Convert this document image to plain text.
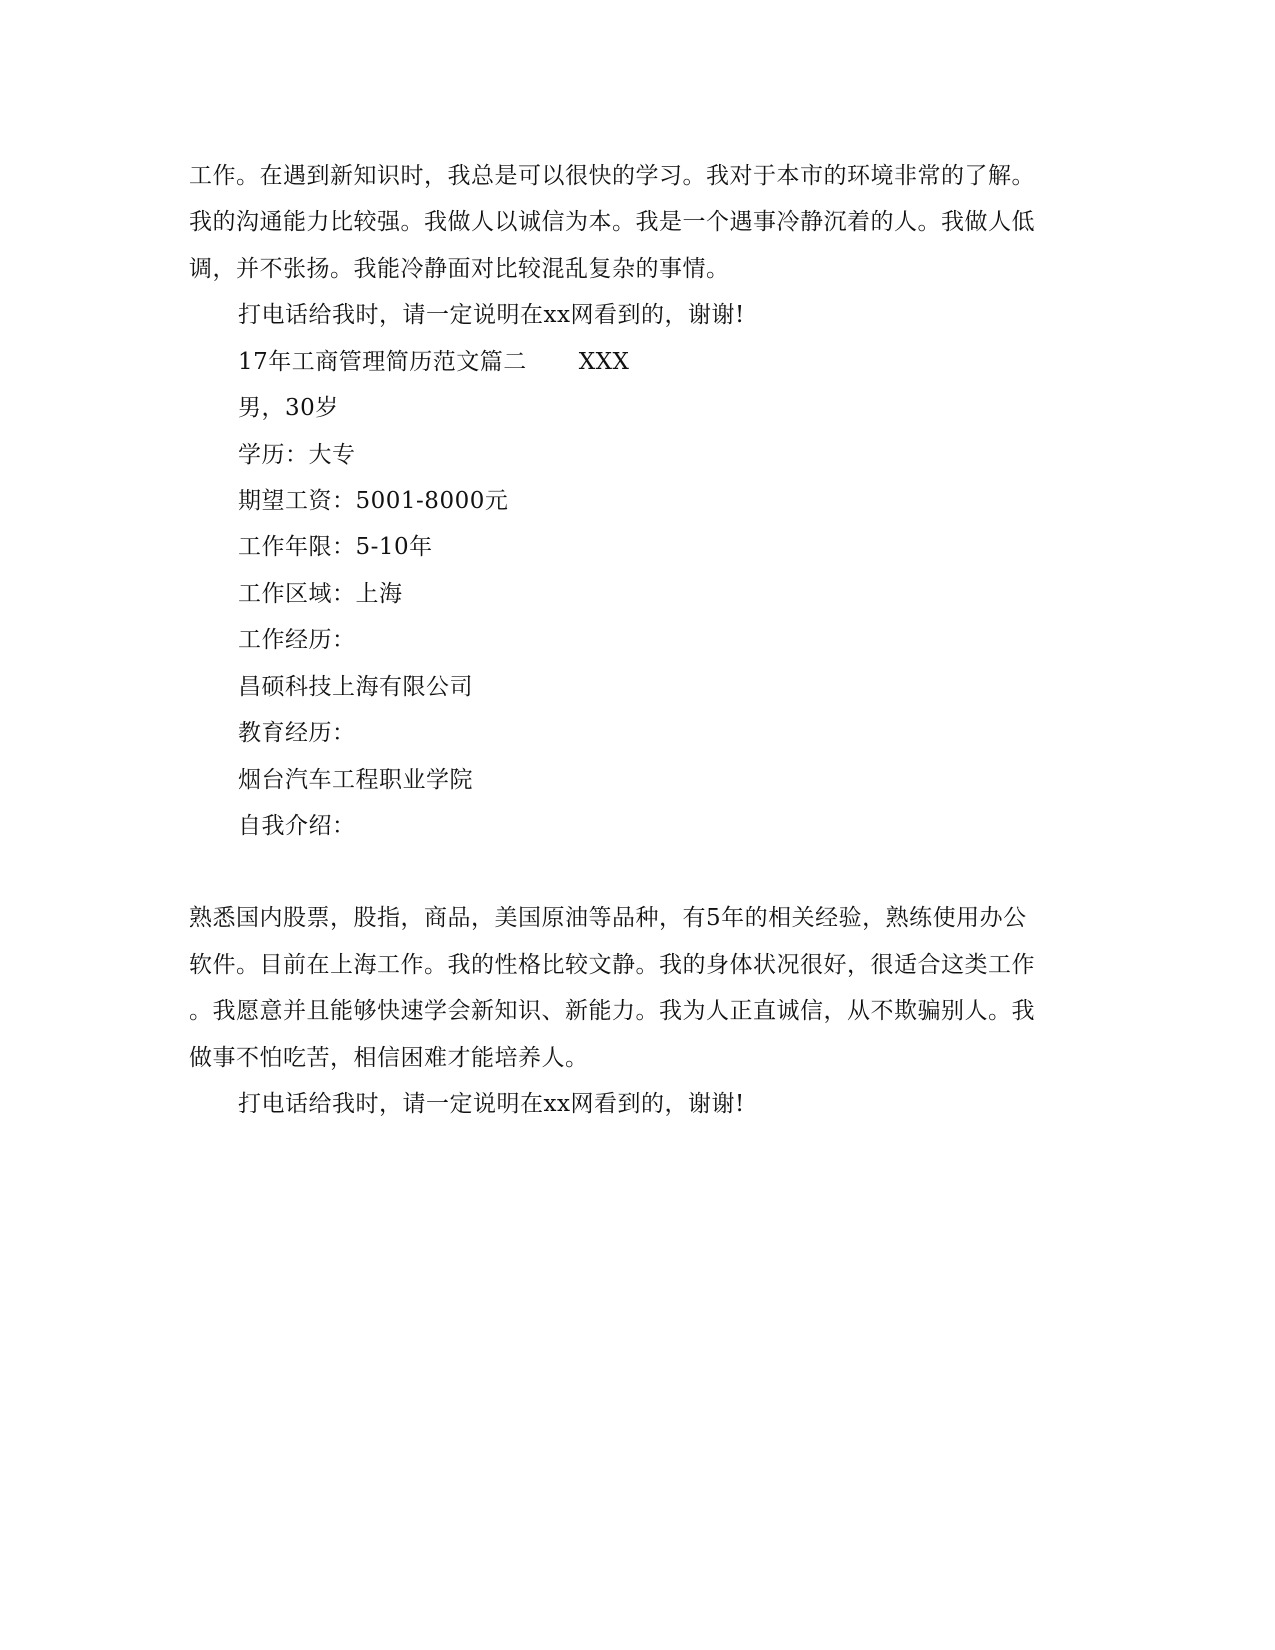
工作。在遇到新知识时，我总是可以很快的学习。我对于本市的环境非常的了解。
我的沟通能力比较强。我做人以诚信为本。我是一个遇事冷静沉着的人。我做人低
调，并不张扬。我能冷静面对比较混乱复杂的事情。
打电话给我时，请一定说明在xx网看到的，谢谢!
17年工商管理简历范文篇二 XXX
男，30岁
学历：大专
期望工资：5001-8000元
工作年限：5-10年
工作区域：上海
工作经历：
昌硕科技上海有限公司
教育经历：
烟台汽车工程职业学院
自我介绍：
熟悉国内股票，股指，商品，美国原油等品种，有5年的相关经验，熟练使用办公
软件。目前在上海工作。我的性格比较文静。我的身体状况很好，很适合这类工作
。我愿意并且能够快速学会新知识、新能力。我为人正直诚信，从不欺骗别人。我
做事不怕吃苦，相信困难才能培养人。
打电话给我时，请一定说明在xx网看到的，谢谢!
